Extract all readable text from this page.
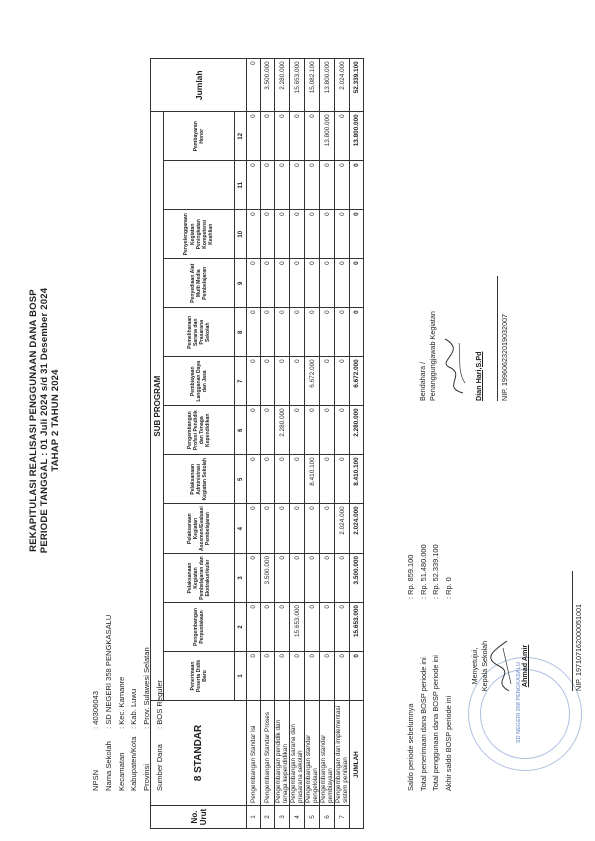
NPSN
: 40306043
Nama Sekolah
: SD NEGERI 358 PENGKASALU
Kecamatan
: Kec. Kamanre
Kabupaten/Kota
: Kab. Luwu
Provinsi
: Prov. Sulawesi Selatan
Sumber Dana
: BOS Reguler
REKAPITULASI REALISASI PENGGUNAAN DANA BOSP PERIODE TANGGAL : 01 Juli 2024 s/d 31 Desember 2024 TAHAP 2 TAHUN 2024
No. Urut	8 STANDAR	SUB PROGRAM												Jumlah
		Penerimaan Peserta Didik Baru	Pengembangan Perpustakaan	Pelaksanaan Kegiatan Pembelajaran dan Ekstrakurikuler	Pelaksanaan Kegiatan Asesmen/Evaluasi Pembelajaran	Pelaksanaan Administrasi Kegiatan Sekolah	Pengembangan Profesi Pendidik dan Tenaga Kependidikan	Pembiayaan Langganan Daya dan Jasa	Pemeliharaan Sarana dan Prasarana Sekolah	Penyediaan Alat Multi Media Pembelajaran	Penyelenggaraan Kegiatan Peningkatan Kompetensi Keahlian		Pembayaran Honor	
		1	2	3	4	5	6	7	8	9	10	11	12	
1	Pengembangan Standar Isi	0	0	0	0	0	0	0	0	0	0	0	0	0
2	Pengembangan Standar Proses	0	0	3.500.000	0	0	0	0	0	0	0	0	0	3.500.000
3	Pengembangan pendidik dan tenaga kependidikan	0	0	0	0	0	2.280.000	0	0	0	0	0	0	2.280.000
4	Pengembangan sarana dan prasarana sekolah	0	15.653.000	0	0	0	0	0	0	0	0	0	0	15.653.000
5	Pengembangan standar pengelolaan	0	0	0	0	8.410.100	0	6.672.000	0	0	0	0	0	15.082.100
6	Pengembangan standar pembiayaan	0	0	0	0	0	0	0	0	0	0	0	13.800.000	13.800.000
7	Pengembangan dan implementasi sistem penilaian	0	0	0	2.024.000	0	0	0	0	0	0	0	0	2.024.000
JUMLAH		0	15.653.000	3.500.000	2.024.000	8.410.100	2.280.000	6.672.000	0	0	0	0	13.800.000	52.339.100
Saldo periode sebelumnya
: Rp. 859.100
Total penerimaan dana BOSP periode ini
: Rp. 51.480.000
Total penggunaan dana BOSP periode ini
: Rp. 52.339.100
Akhir saldo BOSP periode ini
: Rp. 0
SD NEGERI 358 PENGKASALU
Menyetujui, Kepala Sekolah	Ahmad Amir	NIP. 197107162000051001
Bendahara / Penanggungjawab Kegiatan	Dian Hari,S.Pd NIP. 199606232019032007
